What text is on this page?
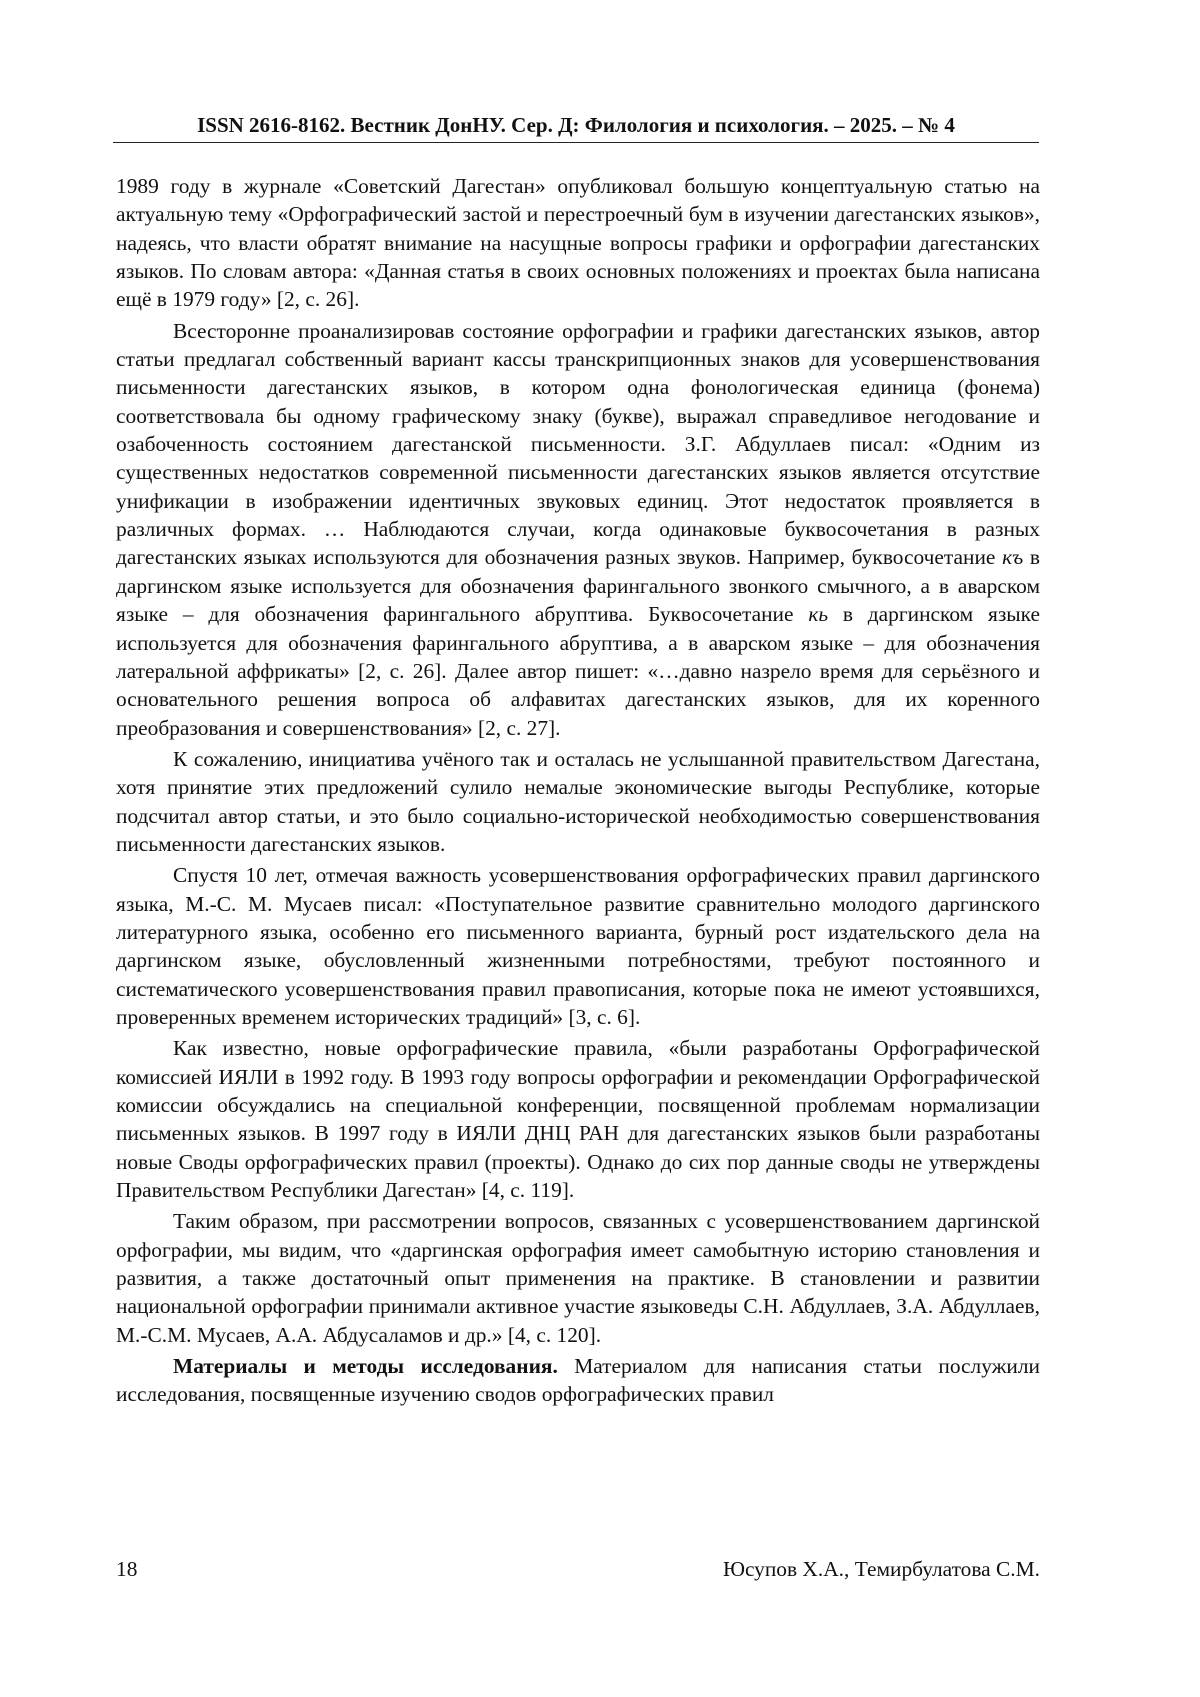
ISSN 2616-8162. Вестник ДонНУ. Сер. Д: Филология и психология. – 2025. – № 4

1989 году в журнале «Советский Дагестан» опубликовал большую концептуальную статью на актуальную тему «Орфографический застой и перестроечный бум в изучении дагестанских языков», надеясь, что власти обратят внимание на насущные вопросы графики и орфографии дагестанских языков. По словам автора: «Данная статья в своих основных положениях и проектах была написана ещё в 1979 году» [2, с. 26].

Всесторонне проанализировав состояние орфографии и графики дагестанских языков, автор статьи предлагал собственный вариант кассы транскрипционных знаков для усовершенствования письменности дагестанских языков, в котором одна фонологическая единица (фонема) соответствовала бы одному графическому знаку (букве), выражал справедливое негодование и озабоченность состоянием дагестанской письменности. З.Г. Абдуллаев писал: «Одним из существенных недостатков современной письменности дагестанских языков является отсутствие унификации в изображении идентичных звуковых единиц. Этот недостаток проявляется в различных формах. … Наблюдаются случаи, когда одинаковые буквосочетания в разных дагестанских языках используются для обозначения разных звуков. Например, буквосочетание къ в даргинском языке используется для обозначения фарингального звонкого смычного, а в аварском языке – для обозначения фарингального абруптива. Буквосочетание кь в даргинском языке используется для обозначения фарингального абруптива, а в аварском языке – для обозначения латеральной аффрикаты» [2, с. 26]. Далее автор пишет: «…давно назрело время для серьёзного и основательного решения вопроса об алфавитах дагестанских языков, для их коренного преобразования и совершенствования» [2, с. 27].

К сожалению, инициатива учёного так и осталась не услышанной правительством Дагестана, хотя принятие этих предложений сулило немалые экономические выгоды Республике, которые подсчитал автор статьи, и это было социально-исторической необходимостью совершенствования письменности дагестанских языков.

Спустя 10 лет, отмечая важность усовершенствования орфографических правил даргинского языка, М.-С. М. Мусаев писал: «Поступательное развитие сравнительно молодого даргинского литературного языка, особенно его письменного варианта, бурный рост издательского дела на даргинском языке, обусловленный жизненными потребностями, требуют постоянного и систематического усовершенствования правил правописания, которые пока не имеют устоявшихся, проверенных временем исторических традиций» [3, с. 6].

Как известно, новые орфографические правила, «были разработаны Орфографической комиссией ИЯЛИ в 1992 году. В 1993 году вопросы орфографии и рекомендации Орфографической комиссии обсуждались на специальной конференции, посвященной проблемам нормализации письменных языков. В 1997 году в ИЯЛИ ДНЦ РАН для дагестанских языков были разработаны новые Своды орфографических правил (проекты). Однако до сих пор данные своды не утверждены Правительством Республики Дагестан» [4, с. 119].

Таким образом, при рассмотрении вопросов, связанных с усовершенствованием даргинской орфографии, мы видим, что «даргинская орфография имеет самобытную историю становления и развития, а также достаточный опыт применения на практике. В становлении и развитии национальной орфографии принимали активное участие языковеды С.Н. Абдуллаев, З.А. Абдуллаев, М.-С.М. Мусаев, А.А. Абдусаламов и др.» [4, с. 120].

Материалы и методы исследования. Материалом для написания статьи послужили исследования, посвященные изучению сводов орфографических правил

18	Юсупов Х.А., Темирбулатова С.М.
